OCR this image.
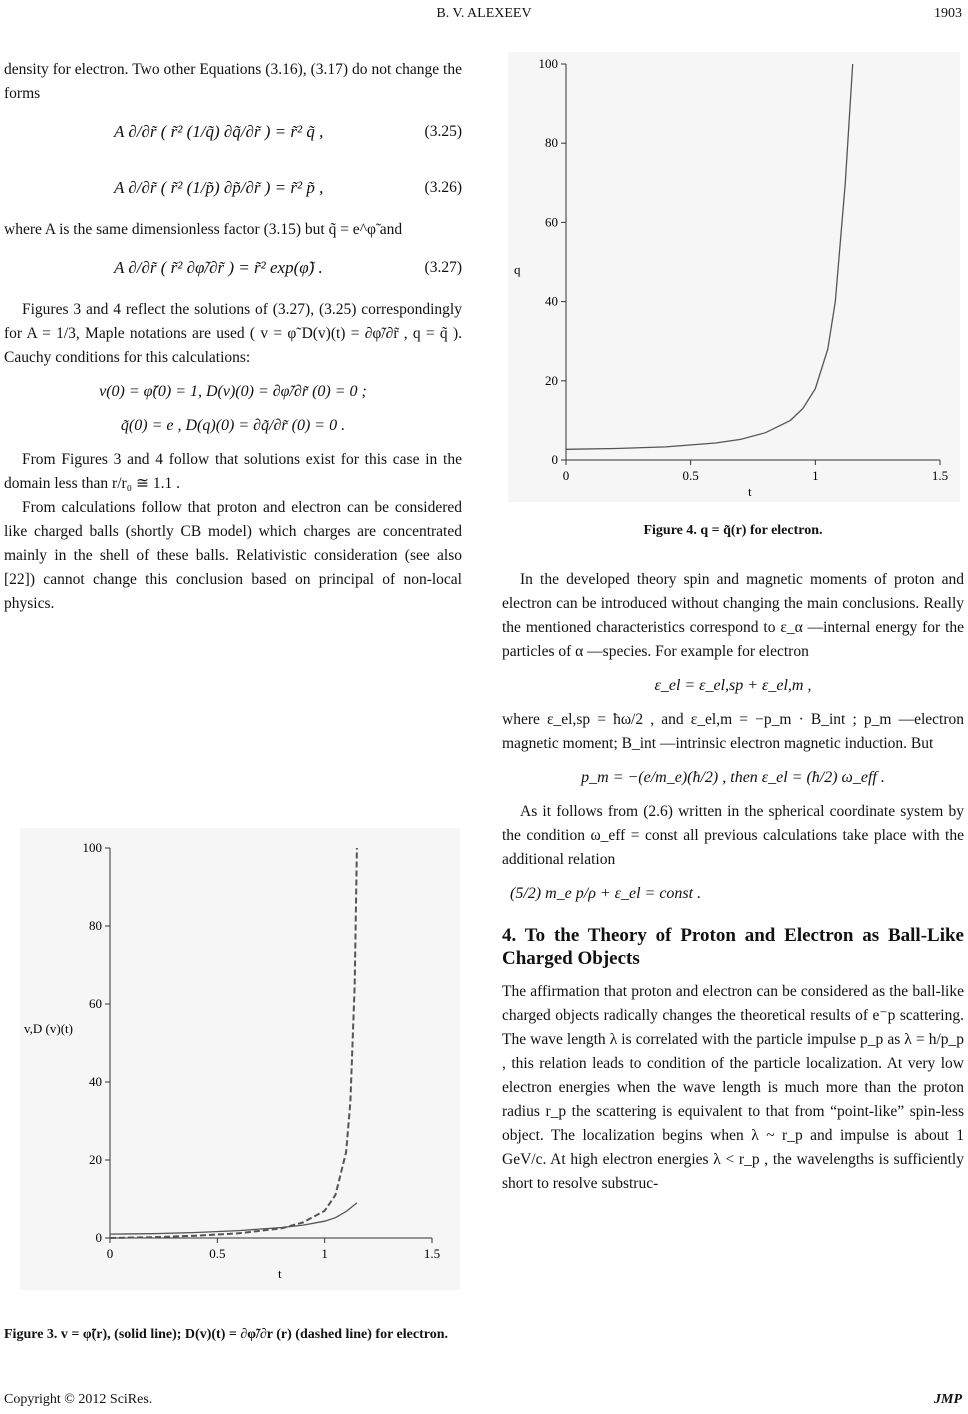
B. V. ALEXEEV	1903

density for electron. Two other Equations (3.16), (3.17) do not change the forms

A ∂/∂r̃ ( r̃² (1/q̃) ∂q̃/∂r̃ ) = r̃² q̃ ,	(3.25)
A ∂/∂r̃ ( r̃² (1/p̃) ∂p̃/∂r̃ ) = r̃² p̃ ,	(3.26)

where A is the same dimensionless factor (3.15) but q̃ = e^φ̃ and

A ∂/∂r̃ ( r̃² ∂φ̃/∂r̃ ) = r̃² exp(φ̃) .	(3.27)

Figures 3 and 4 reflect the solutions of (3.27), (3.25) correspondingly for A = 1/3, Maple notations are used ( v = φ̃ D(v)(t) = ∂φ̃/∂r̃ , q = q̃ ). Cauchy conditions for this calculations:

v(0) = φ̃(0) = 1, D(v)(0) = ∂φ̃/∂r̃ (0) = 0 ;

q̃(0) = e , D(q)(0) = ∂q̃/∂r̃ (0) = 0 .

From Figures 3 and 4 follow that solutions exist for this case in the domain less than r/r₀ ≅ 1.1 .

From calculations follow that proton and electron can be considered like charged balls (shortly CB model) which charges are concentrated mainly in the shell of these balls. Relativistic consideration (see also [22]) cannot change this conclusion based on principal of non-local physics.

0	0.5	1	1.5
0
20
40
60
80
100
v,D (v)(t)
t
Figure 3. v = φ̃(r), (solid line); D(v)(t) = ∂φ̃/∂r (r) (dashed line) for electron.
0	0.5	1	1.5
0
20
40
60
80
100
q
t
Figure 4. q = q̃(r) for electron.

In the developed theory spin and magnetic moments of proton and electron can be introduced without changing the main conclusions. Really the mentioned characteristics correspond to ε_α —internal energy for the particles of α —species. For example for electron

ε_el = ε_el,sp + ε_el,m ,

where ε_el,sp = ħω/2 , and ε_el,m = −p_m · B_int ; p_m —electron magnetic moment; B_int —intrinsic electron magnetic induction. But

p_m = −(e/m_e)(ħ/2) , then ε_el = (ħ/2) ω_eff .

As it follows from (2.6) written in the spherical coordinate system by the condition ω_eff = const all previous calculations take place with the additional relation

(5/2) m_e p/ρ + ε_el = const .

4. To the Theory of Proton and Electron as Ball-Like Charged Objects

The affirmation that proton and electron can be considered as the ball-like charged objects radically changes the theoretical results of e⁻p scattering. The wave length λ is correlated with the particle impulse p_p as λ = h/p_p , this relation leads to condition of the particle localization. At very low electron energies when the wave length is much more than the proton radius r_p the scattering is equivalent to that from “point-like” spin-less object. The localization begins when λ ~ r_p and impulse is about 1 GeV/c. At high electron energies λ < r_p , the wavelengths is sufficiently short to resolve substruc-

Copyright © 2012 SciRes.	JMP
